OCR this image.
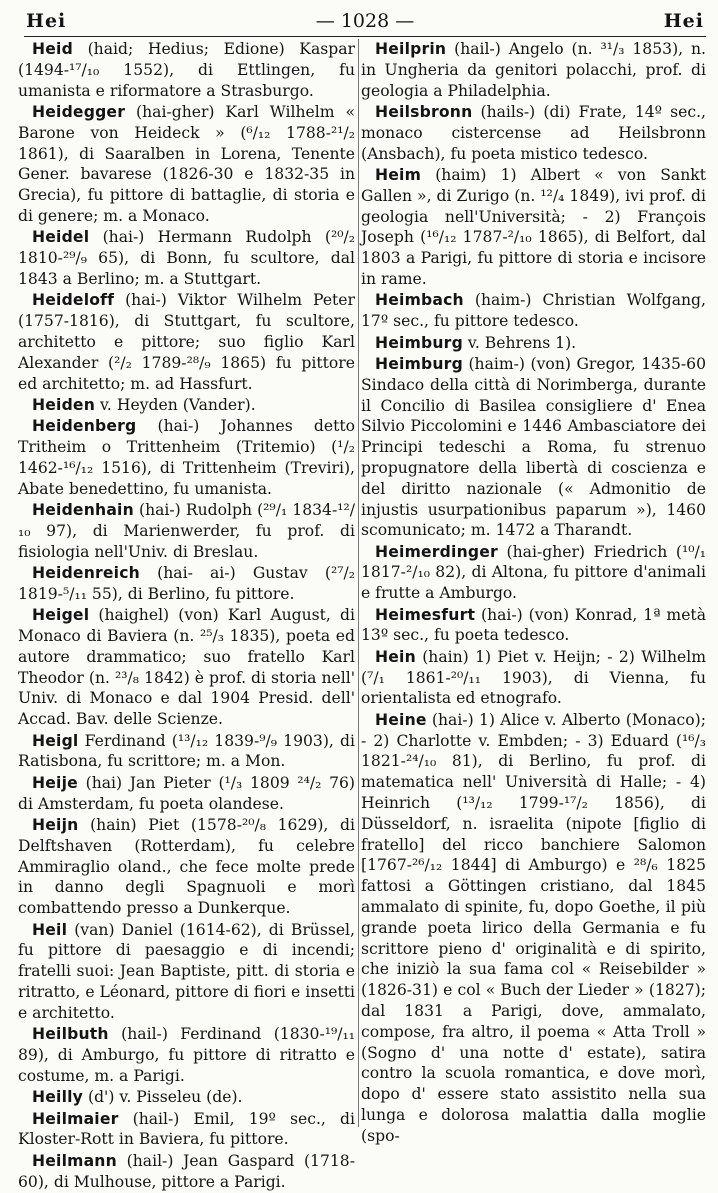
Hei	— 1028 —	Hei

Heid (haid; Hedius; Edione) Kaspar (1494-¹⁷/₁₀ 1552), di Ettlingen, fu umanista e riformatore a Strasburgo.

Heidegger (hai-gher) Karl Wilhelm « Barone von Heideck » (⁶/₁₂ 1788-²¹/₂ 1861), di Saaralben in Lorena, Tenente Gener. bavarese (1826-30 e 1832-35 in Grecia), fu pittore di battaglie, di storia e di genere; m. a Monaco.

Heidel (hai-) Hermann Rudolph (²⁰/₂ 1810-²⁹/₉ 65), di Bonn, fu scultore, dal 1843 a Berlino; m. a Stuttgart.

Heideloff (hai-) Viktor Wilhelm Peter (1757-1816), di Stuttgart, fu scultore, architetto e pittore; suo figlio Karl Alexander (²/₂ 1789-²⁸/₉ 1865) fu pittore ed architetto; m. ad Hassfurt.

Heiden v. Heyden (Vander).

Heidenberg (hai-) Johannes detto Tritheim o Trittenheim (Tritemio) (¹/₂ 1462-¹⁶/₁₂ 1516), di Trittenheim (Treviri), Abate benedettino, fu umanista.

Heidenhain (hai-) Rudolph (²⁹/₁ 1834-¹²/₁₀ 97), di Marienwerder, fu prof. di fisiologia nell'Univ. di Breslau.

Heidenreich (hai- ai-) Gustav (²⁷/₂ 1819-⁵/₁₁ 55), di Berlino, fu pittore.

Heigel (haighel) (von) Karl August, di Monaco di Baviera (n. ²⁵/₃ 1835), poeta ed autore drammatico; suo fratello Karl Theodor (n. ²³/₈ 1842) è prof. di storia nell' Univ. di Monaco e dal 1904 Presid. dell' Accad. Bav. delle Scienze.

Heigl Ferdinand (¹³/₁₂ 1839-⁹/₉ 1903), di Ratisbona, fu scrittore; m. a Mon.

Heije (hai) Jan Pieter (¹/₃ 1809 ²⁴/₂ 76) di Amsterdam, fu poeta olandese.

Heijn (hain) Piet (1578-²⁰/₈ 1629), di Delftshaven (Rotterdam), fu celebre Ammiraglio oland., che fece molte prede in danno degli Spagnuoli e morì combattendo presso a Dunkerque.

Heil (van) Daniel (1614-62), di Brüssel, fu pittore di paesaggio e di incendi; fratelli suoi: Jean Baptiste, pitt. di storia e ritratto, e Léonard, pittore di fiori e insetti e architetto.

Heilbuth (hail-) Ferdinand (1830-¹⁹/₁₁ 89), di Amburgo, fu pittore di ritratto e costume, m. a Parigi.

Heilly (d') v. Pisseleu (de).

Heilmaier (hail-) Emil, 19º sec., di Kloster-Rott in Baviera, fu pittore.

Heilmann (hail-) Jean Gaspard (1718-60), di Mulhouse, pittore a Parigi.

Heilprin (hail-) Angelo (n. ³¹/₃ 1853), n. in Ungheria da genitori polacchi, prof. di geologia a Philadelphia.

Heilsbronn (hails-) (di) Frate, 14º sec., monaco cistercense ad Heilsbronn (Ansbach), fu poeta mistico tedesco.

Heim (haim) 1) Albert « von Sankt Gallen », di Zurigo (n. ¹²/₄ 1849), ivi prof. di geologia nell'Università; - 2) François Joseph (¹⁶/₁₂ 1787-²/₁₀ 1865), di Belfort, dal 1803 a Parigi, fu pittore di storia e incisore in rame.

Heimbach (haim-) Christian Wolfgang, 17º sec., fu pittore tedesco.

Heimburg v. Behrens 1).

Heimburg (haim-) (von) Gregor, 1435-60 Sindaco della città di Norimberga, durante il Concilio di Basilea consigliere d' Enea Silvio Piccolomini e 1446 Ambasciatore dei Principi tedeschi a Roma, fu strenuo propugnatore della libertà di coscienza e del diritto nazionale (« Admonitio de injustis usurpationibus paparum »), 1460 scomunicato; m. 1472 a Tharandt.

Heimerdinger (hai-gher) Friedrich (¹⁰/₁ 1817-²/₁₀ 82), di Altona, fu pittore d'animali e frutte a Amburgo.

Heimesfurt (hai-) (von) Konrad, 1ª metà 13º sec., fu poeta tedesco.

Hein (hain) 1) Piet v. Heijn; - 2) Wilhelm (⁷/₁ 1861-²⁰/₁₁ 1903), di Vienna, fu orientalista ed etnografo.

Heine (hai-) 1) Alice v. Alberto (Monaco); - 2) Charlotte v. Embden; - 3) Eduard (¹⁶/₃ 1821-²⁴/₁₀ 81), di Berlino, fu prof. di matematica nell' Università di Halle; - 4) Heinrich (¹³/₁₂ 1799-¹⁷/₂ 1856), di Düsseldorf, n. israelita (nipote [figlio di fratello] del ricco banchiere Salomon [1767-²⁶/₁₂ 1844] di Amburgo) e ²⁸/₆ 1825 fattosi a Göttingen cristiano, dal 1845 ammalato di spinite, fu, dopo Goethe, il più grande poeta lirico della Germania e fu scrittore pieno d' originalità e di spirito, che iniziò la sua fama col « Reisebilder » (1826-31) e col « Buch der Lieder » (1827); dal 1831 a Parigi, dove, ammalato, compose, fra altro, il poema « Atta Troll » (Sogno d' una notte d' estate), satira contro la scuola romantica, e dove morì, dopo d' essere stato assistito nella sua lunga e dolorosa malattia dalla moglie (spo-
